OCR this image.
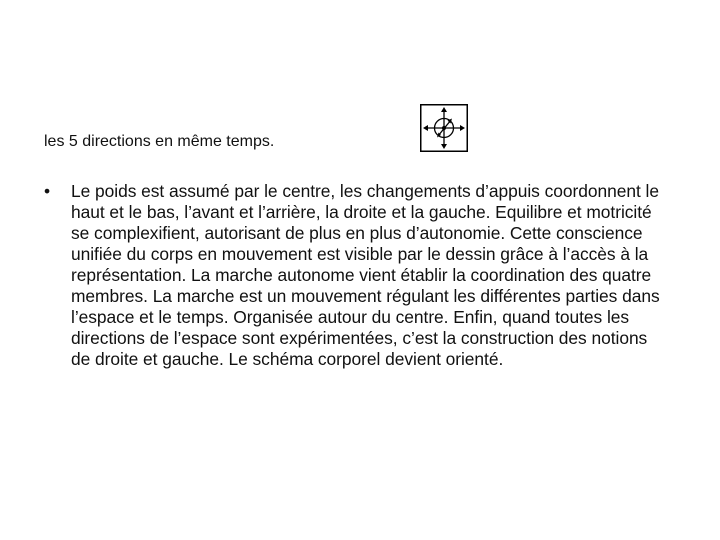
les 5 directions en même temps.
•	Le poids est assumé par le centre, les changements d’appuis coordonnent le haut et le bas, l’avant et l’arrière, la droite et la gauche. Equilibre et motricité se complexifient, autorisant de plus en plus d’autonomie. Cette conscience unifiée du corps en mouvement est visible par le dessin grâce à l’accès à la représentation. La marche autonome vient établir la coordination des quatre membres. La marche est un mouvement régulant les différentes parties dans l’espace et le temps. Organisée autour du centre. Enfin, quand toutes les directions de l’espace sont expérimentées, c’est la construction des notions de droite et gauche. Le schéma corporel devient orienté.
